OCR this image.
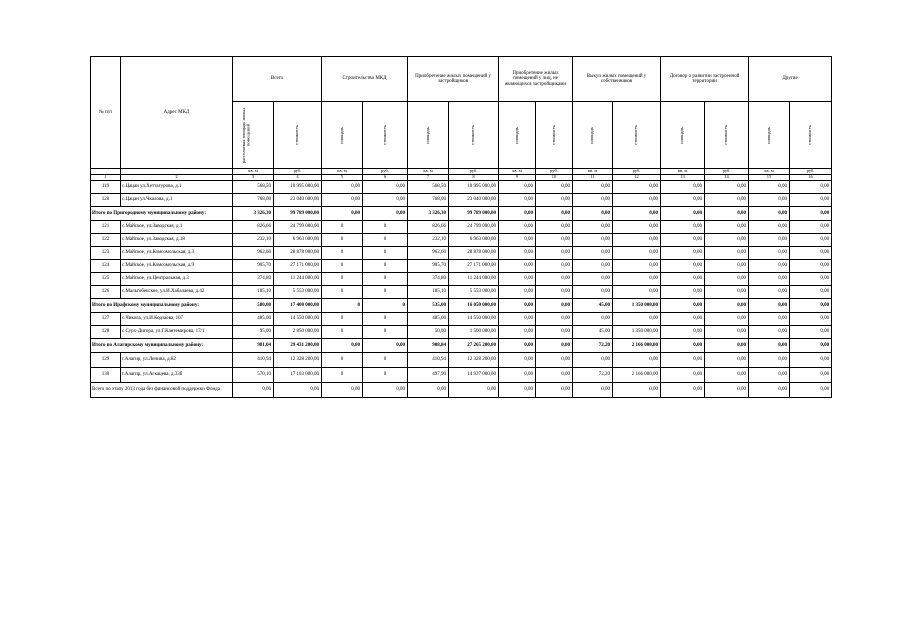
№ п/п	Адрес МКД	Всего		Строительство МКД		Приобретение жилых помещений у застройщиков		Приобретение жилых помещений у лиц, не являющихся застройщиками		Выкуп жилых помещений у собственников		Договор о развитии застроенной территории		Другие	

		расселяемая площадь жилых помещений	стоимость	площадь	стоимость	площадь	стоимость	площадь	стоимость	площадь	стоимость	площадь	стоимость	площадь	стоимость

		кв. м	руб.	кв. м	руб.	кв. м	руб.	кв. м	руб.	кв. м	руб.	кв. м	руб.	кв. м	руб.
1	2	3	4	5	6	7	8	9	10	11	12	13	14	15	16
119	с.Цацан ул.Хеттагурова, д.1	568,50	10 995 000,00	0,00	0,00	568,50	10 995 000,00	0,00	0,00	0,00	0,00	0,00	0,00	0,00	0,00
120	с.Цацан ул.Чкалова, д.1	768,00	23 040 000,00	0,00	0,00	768,00	23 040 000,00	0,00	0,00	0,00	0,00	0,00	0,00	0,00	0,00
Итого по Пригородному муниципальному району:		3 326,30	99 789 000,00	0,00	0,00	3 326,30	99 789 000,00	0,00	0,00	0,00	0,00	0,00	0,00	0,00	0,00
121	с.Майское, ул.Заводская, д.1	826,66	24 799 000,00	0	0	826,66	24 799 000,00	0,00	0,00	0,00	0,00	0,00	0,00	0,00	0,00
122	с.Майское, ул.Заводская, д.18	232,10	6 963 000,00	0	0	232,10	6 963 000,00	0,00	0,00	0,00	0,00	0,00	0,00	0,00	0,00
123	с.Майское, ул.Комсомольская, д.3	962,60	28 878 000,00	0	0	962,60	28 878 000,00	0,00	0,00	0,00	0,00	0,00	0,00	0,00	0,00
124	с.Майское, ул.Комсомольская, д.9	905,70	27 171 000,00	0	0	905,70	27 171 000,00	0,00	0,00	0,00	0,00	0,00	0,00	0,00	0,00
125	с.Майское, ул.Центральная, д.3	374,80	11 244 000,00	0	0	374,80	11 244 000,00	0,00	0,00	0,00	0,00	0,00	0,00	0,00	0,00
126	с.Мальгобекское, ул.И.Хабалаева, д.42	185,10	5 553 000,00	0	0	185,10	5 553 000,00	0,00	0,00	0,00	0,00	0,00	0,00	0,00	0,00
Итого по Ирафскому муниципальному району:		580,00	17 400 000,00	0	0	535,00	16 050 000,00	0,00	0,00	45,00	1 350 000,00	0,00	0,00	0,00	0,00
127	с.Чикола, ул.И.Кодзаева, 107	485,00	14 550 000,00	0	0	485,00	14 550 000,00	0,00	0,00	0,00	0,00	0,00	0,00	0,00	0,00
128	с.Сурх-Дигора, ул.Г.Кантемирова, 17/1	95,00	2 850 000,00	0	0	50,00	1 500 000,00	0,00	0,00	45,00	1 350 000,00	0,00	0,00	0,00	0,00
Итого по Алагирскому муниципальному району:		981,04	29 431 200,00	0,00	0,00	908,84	27 265 200,00	0,00	0,00	72,20	2 166 000,00	0,00	0,00	0,00	0,00
129	г.Алагир, ул.Ленина, д.82	410,94	12 328 200,00	0	0	410,94	12 328 200,00	0,00	0,00	0,00	0,00	0,00	0,00	0,00	0,00
130	г.Алагир, ул.Агкацева, д.33б	570,10	17 103 000,00	0	0	497,90	14 937 000,00	0,00	0,00	72,20	2 166 000,00	0,00	0,00	0,00	0,00
Всего по этапу 2013 года без финансовой поддержки Фонда		0,00	0,00	0,00	0,00	0,00	0,00	0,00	0,00	0,00	0,00	0,00	0,00	0,00	0,00
